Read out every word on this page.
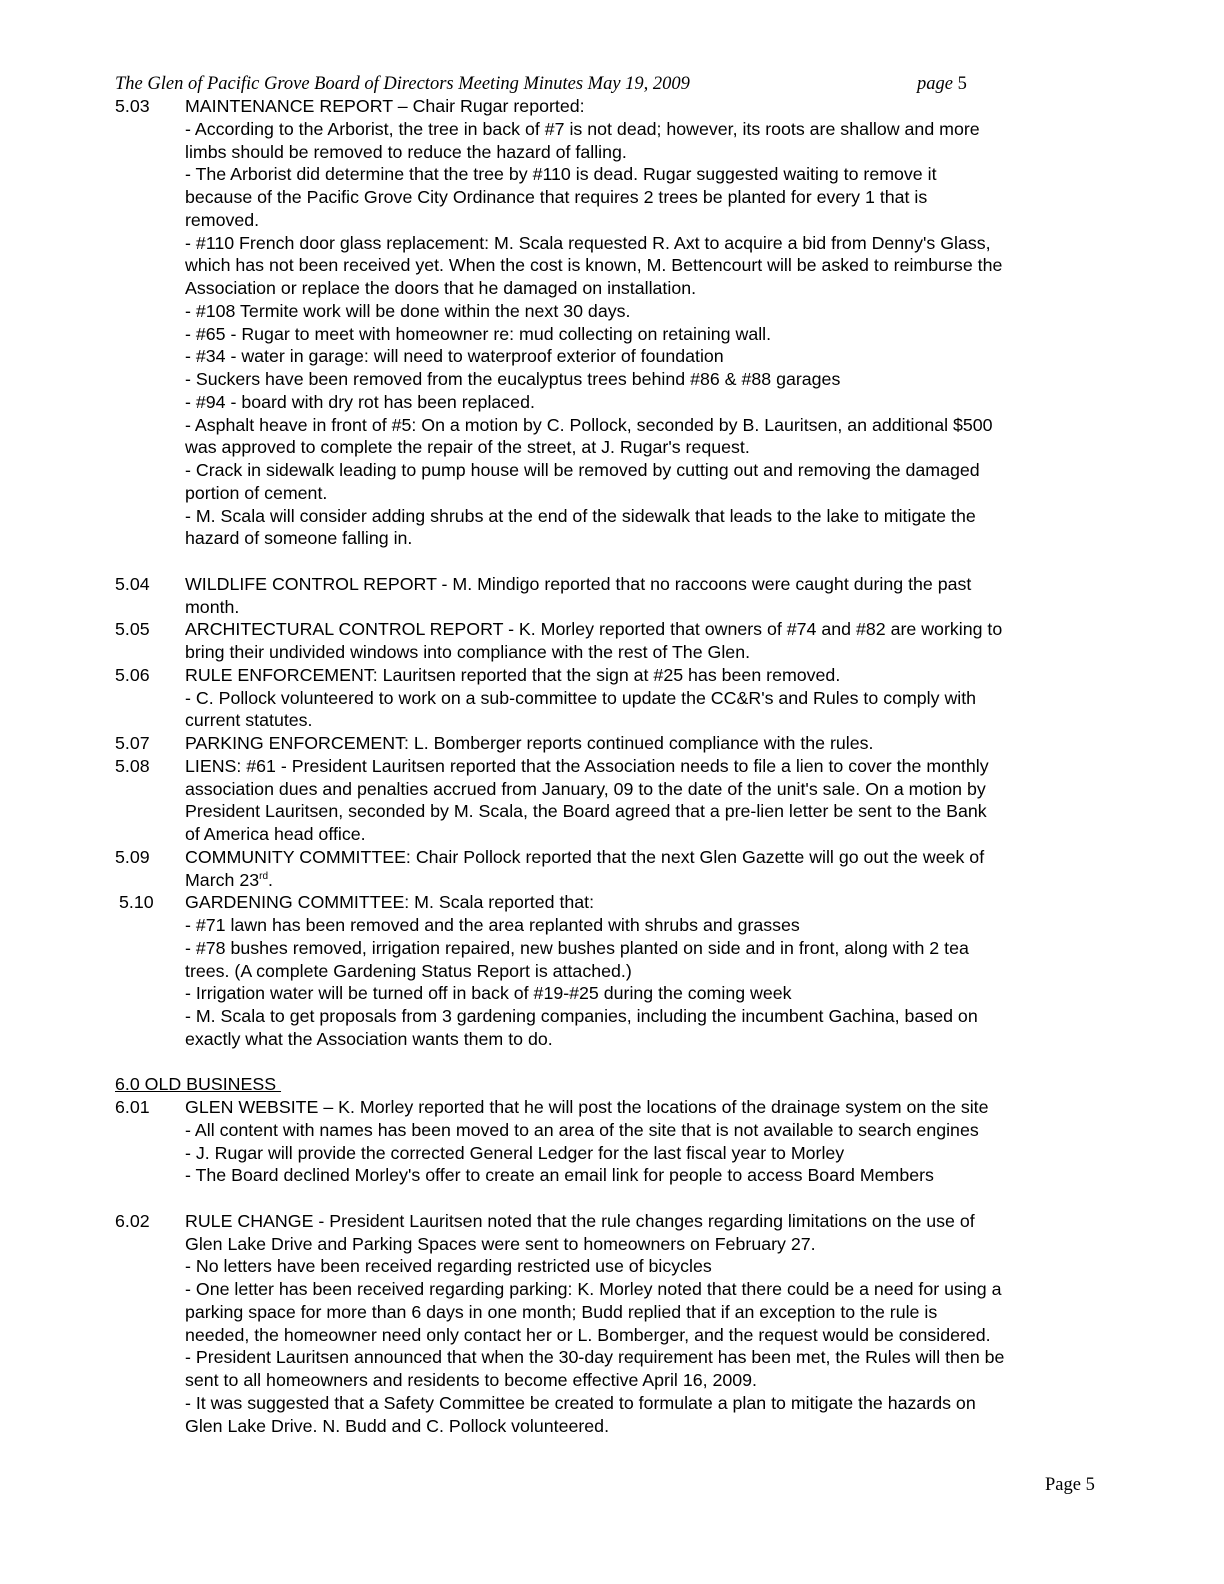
The Glen of Pacific Grove Board of Directors Meeting Minutes May 19, 2009	page 5
5.03	MAINTENANCE REPORT – Chair Rugar reported:
- According to the Arborist, the tree in back of #7 is not dead; however, its roots are shallow and more
limbs should be removed to reduce the hazard of falling.
- The Arborist did determine that the tree by #110 is dead. Rugar suggested waiting to remove it
because of the Pacific Grove City Ordinance that requires 2 trees be planted for every 1 that is
removed.
- #110 French door glass replacement: M. Scala requested R. Axt to acquire a bid from Denny's Glass,
which has not been received yet. When the cost is known, M. Bettencourt will be asked to reimburse the
Association or replace the doors that he damaged on installation.
- #108 Termite work will be done within the next 30 days.
- #65 - Rugar to meet with homeowner re: mud collecting on retaining wall.
- #34 - water in garage: will need to waterproof exterior of foundation
- Suckers have been removed from the eucalyptus trees behind #86 & #88 garages
- #94 - board with dry rot has been replaced.
- Asphalt heave in front of #5: On a motion by C. Pollock, seconded by B. Lauritsen, an additional $500
was approved to complete the repair of the street, at J. Rugar's request.
- Crack in sidewalk leading to pump house will be removed by cutting out and removing the damaged
portion of cement.
- M. Scala will consider adding shrubs at the end of the sidewalk that leads to the lake to mitigate the
hazard of someone falling in.
5.04	WILDLIFE CONTROL REPORT - M. Mindigo reported that no raccoons were caught during the past
month.
5.05	ARCHITECTURAL CONTROL REPORT - K. Morley reported that owners of #74 and #82 are working to
bring their undivided windows into compliance with the rest of The Glen.
5.06	RULE ENFORCEMENT: Lauritsen reported that the sign at #25 has been removed.
- C. Pollock volunteered to work on a sub-committee to update the CC&R's and Rules to comply with
current statutes.
5.07	PARKING ENFORCEMENT: L. Bomberger reports continued compliance with the rules.
5.08	LIENS: #61 - President Lauritsen reported that the Association needs to file a lien to cover the monthly
association dues and penalties accrued from January, 09 to the date of the unit's sale. On a motion by
President Lauritsen, seconded by M. Scala, the Board agreed that a pre-lien letter be sent to the Bank
of America head office.
5.09	COMMUNITY COMMITTEE: Chair Pollock reported that the next Glen Gazette will go out the week of
March 23rd.
5.10	GARDENING COMMITTEE: M. Scala reported that:
- #71 lawn has been removed and the area replanted with shrubs and grasses
- #78 bushes removed, irrigation repaired, new bushes planted on side and in front, along with 2 tea
trees. (A complete Gardening Status Report is attached.)
- Irrigation water will be turned off in back of #19-#25 during the coming week
- M. Scala to get proposals from 3 gardening companies, including the incumbent Gachina, based on
exactly what the Association wants them to do.
6.0 OLD BUSINESS
6.01	GLEN WEBSITE – K. Morley reported that he will post the locations of the drainage system on the site
- All content with names has been moved to an area of the site that is not available to search engines
- J. Rugar will provide the corrected General Ledger for the last fiscal year to Morley
- The Board declined Morley's offer to create an email link for people to access Board Members
6.02	RULE CHANGE - President Lauritsen noted that the rule changes regarding limitations on the use of
Glen Lake Drive and Parking Spaces were sent to homeowners on February 27.
- No letters have been received regarding restricted use of bicycles
- One letter has been received regarding parking: K. Morley noted that there could be a need for using a
parking space for more than 6 days in one month; Budd replied that if an exception to the rule is
needed, the homeowner need only contact her or L. Bomberger, and the request would be considered.
- President Lauritsen announced that when the 30-day requirement has been met, the Rules will then be
sent to all homeowners and residents to become effective April 16, 2009.
- It was suggested that a Safety Committee be created to formulate a plan to mitigate the hazards on
Glen Lake Drive. N. Budd and C. Pollock volunteered.
Page 5
